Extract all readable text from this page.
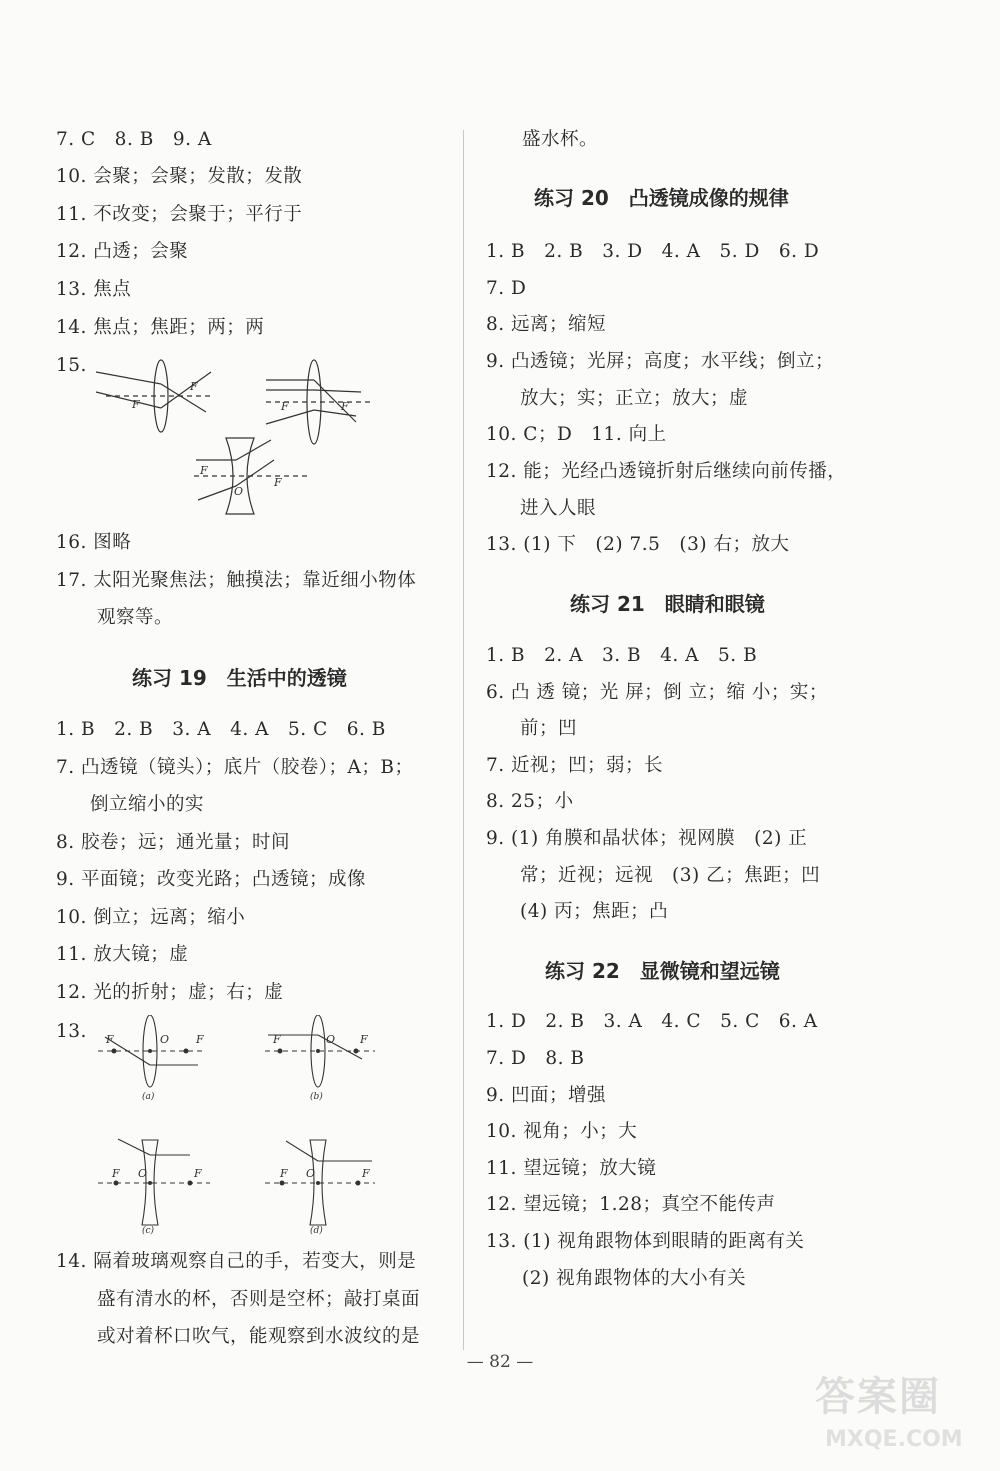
7. C　8. B　9. A
10. 会聚；会聚；发散；发散
11. 不改变；会聚于；平行于
12. 凸透；会聚
13. 焦点
14. 焦点；焦距；两；两
15.
F
F	F	F
F
O
F
16. 图略
17. 太阳光聚焦法；触摸法；靠近细小物体
观察等。
练习 19　生活中的透镜
1. B　2. B　3. A　4. A　5. C　6. B
7. 凸透镜（镜头）；底片（胶卷）；A；B；
倒立缩小的实
8. 胶卷；远；通光量；时间
9. 平面镜；改变光路；凸透镜；成像
10. 倒立；远离；缩小
11. 放大镜；虚
12. 光的折射；虚；右；虚
13. F	O F	F	O F
F O	F	F O	F
(a)	(b)
(c)	(d)
14. 隔着玻璃观察自己的手，若变大，则是
盛有清水的杯，否则是空杯；敲打桌面
或对着杯口吹气，能观察到水波纹的是
盛水杯。
练习 20　凸透镜成像的规律
1. B　2. B　3. D　4. A　5. D　6. D
7. D
8. 远离；缩短
9. 凸透镜；光屏；高度；水平线；倒立；
放大；实；正立；放大；虚
10. C；D　11. 向上
12. 能；光经凸透镜折射后继续向前传播，
进入人眼
13. (1) 下　(2) 7.5　(3) 右；放大
练习 21　眼睛和眼镜
1. B　2. A　3. B　4. A　5. B
6. 凸 透 镜；光 屏；倒 立；缩 小；实；
前；凹
7. 近视；凹；弱；长
8. 25；小
9. (1) 角膜和晶状体；视网膜　(2) 正
常；近视；远视　(3) 乙；焦距；凹
(4) 丙；焦距；凸
练习 22　显微镜和望远镜
1. D　2. B　3. A　4. C　5. C　6. A
7. D　8. B
9. 凹面；增强
10. 视角；小；大
11. 望远镜；放大镜
12. 望远镜；1.28；真空不能传声
13. (1) 视角跟物体到眼睛的距离有关
(2) 视角跟物体的大小有关
— 82 —
答案圈
MXQE.COM
